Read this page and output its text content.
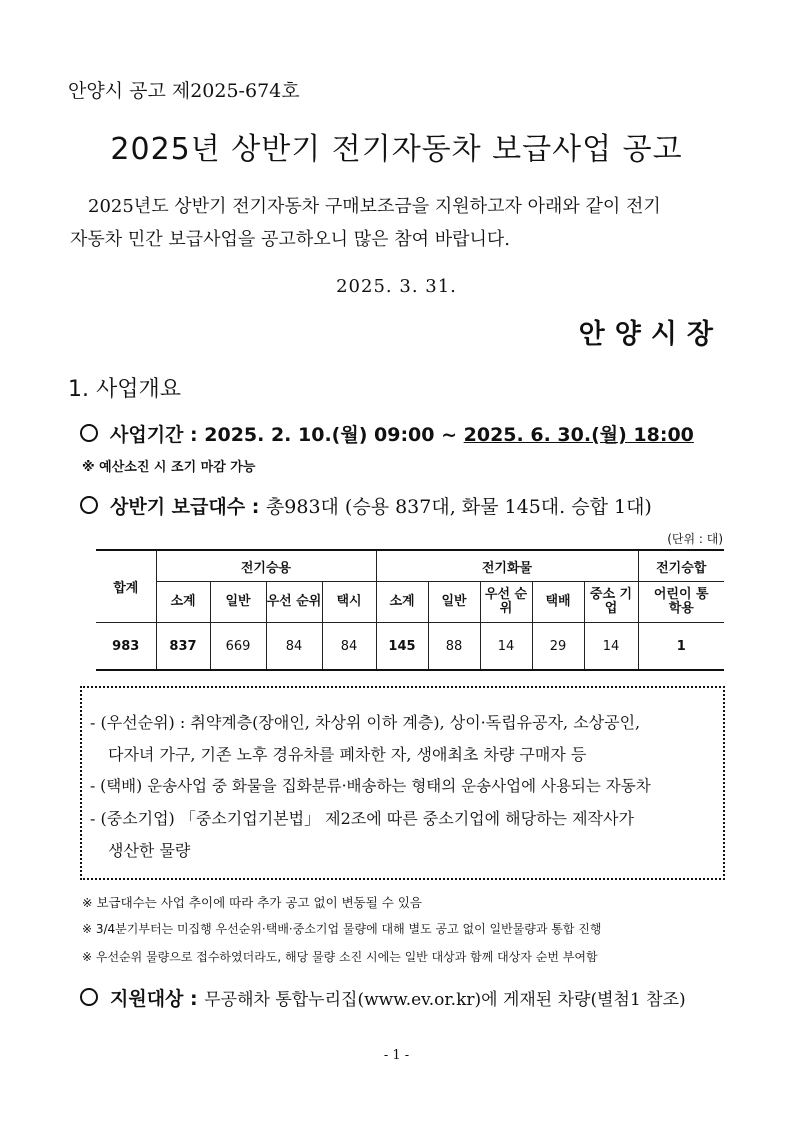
안양시 공고 제2025-674호
2025년 상반기 전기자동차 보급사업 공고
2025년도 상반기 전기자동차 구매보조금을 지원하고자 아래와 같이 전기
자동차 민간 보급사업을 공고하오니 많은 참여 바랍니다.
2025. 3. 31.
안양시장
1. 사업개요
사업기간 : 2025. 2. 10.(월) 09:00 ~ 2025. 6. 30.(월) 18:00
※ 예산소진 시 조기 마감 가능
상반기 보급대수 : 총983대 (승용 837대, 화물 145대. 승합 1대)
(단위 : 대)
합계	전기승용				전기화물					전기승합
	소계	일반	우선 순위	택시	소계	일반	우선 순위	택배	중소 기업	어린이 통학용
983	837	669	84	84	145	88	14	29	14	1
- (우선순위) : 취약계층(장애인, 차상위 이하 계층), 상이·독립유공자, 소상공인,
다자녀 가구, 기존 노후 경유차를 폐차한 자, 생애최초 차량 구매자 등
- (택배) 운송사업 중 화물을 집화분류·배송하는 형태의 운송사업에 사용되는 자동차
- (중소기업) 「중소기업기본법」 제2조에 따른 중소기업에 해당하는 제작사가
생산한 물량
※ 보급대수는 사업 추이에 따라 추가 공고 없이 변동될 수 있음
※ 3/4분기부터는 미집행 우선순위·택배·중소기업 물량에 대해 별도 공고 없이 일반물량과 통합 진행
※ 우선순위 물량으로 접수하였더라도, 해당 물량 소진 시에는 일반 대상과 함께 대상자 순번 부여함
지원대상 : 무공해차 통합누리집(www.ev.or.kr)에 게재된 차량(별첨1 참조)
- 1 -
